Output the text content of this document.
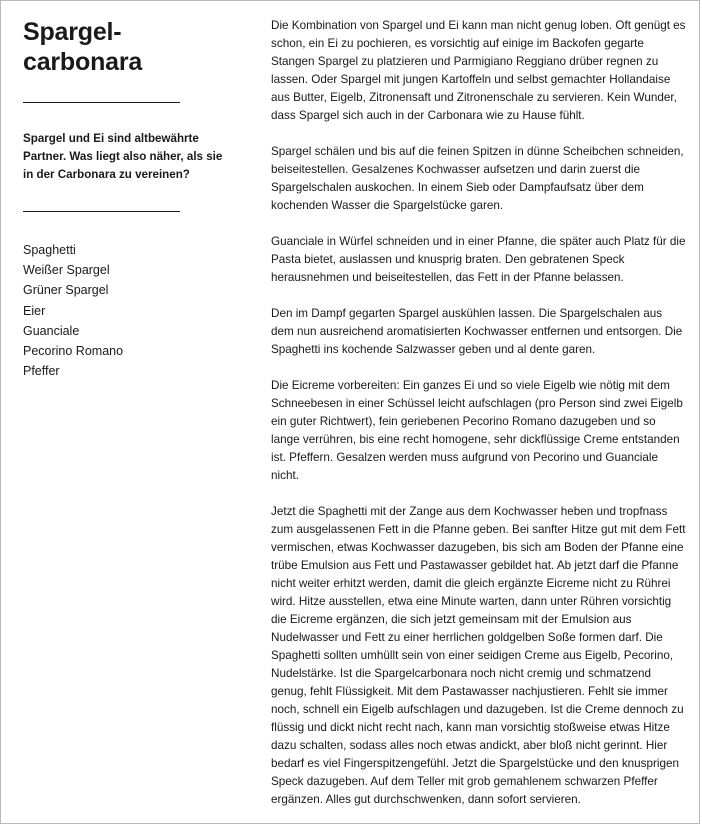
Spargel-
carbonara

Spargel und Ei sind altbewährte Partner. Was liegt also näher, als sie in der Carbonara zu vereinen?

Spaghetti
Weißer Spargel
Grüner Spargel
Eier
Guanciale
Pecorino Romano
Pfeffer

Die Kombination von Spargel und Ei kann man nicht genug loben. Oft genügt es schon, ein Ei zu pochieren, es vorsichtig auf einige im Backofen gegarte Stangen Spargel zu platzieren und Parmigiano Reggiano drüber regnen zu lassen. Oder Spargel mit jungen Kartoffeln und selbst gemachter Hollandaise aus Butter, Eigelb, Zitronensaft und Zitronenschale zu servieren. Kein Wunder, dass Spargel sich auch in der Carbonara wie zu Hause fühlt.

Spargel schälen und bis auf die feinen Spitzen in dünne Scheibchen schneiden, beiseitestellen. Gesalzenes Kochwasser aufsetzen und darin zuerst die Spargelschalen auskochen. In einem Sieb oder Dampfaufsatz über dem kochenden Wasser die Spargelstücke garen.

Guanciale in Würfel schneiden und in einer Pfanne, die später auch Platz für die Pasta bietet, auslassen und knusprig braten. Den gebratenen Speck herausnehmen und beiseitestellen, das Fett in der Pfanne belassen.

Den im Dampf gegarten Spargel auskühlen lassen. Die Spargelschalen aus dem nun ausreichend aromatisierten Kochwasser entfernen und entsorgen. Die Spaghetti ins kochende Salzwasser geben und al dente garen.

Die Eicreme vorbereiten: Ein ganzes Ei und so viele Eigelb wie nötig mit dem Schneebesen in einer Schüssel leicht aufschlagen (pro Person sind zwei Eigelb ein guter Richtwert), fein geriebenen Pecorino Romano dazugeben und so lange verrühren, bis eine recht homogene, sehr dickflüssige Creme entstanden ist. Pfeffern. Gesalzen werden muss aufgrund von Pecorino und Guanciale nicht.

Jetzt die Spaghetti mit der Zange aus dem Kochwasser heben und tropfnass zum ausgelassenen Fett in die Pfanne geben. Bei sanfter Hitze gut mit dem Fett vermischen, etwas Kochwasser dazugeben, bis sich am Boden der Pfanne eine trübe Emulsion aus Fett und Pastawasser gebildet hat. Ab jetzt darf die Pfanne nicht weiter erhitzt werden, damit die gleich ergänzte Eicreme nicht zu Rührei wird. Hitze ausstellen, etwa eine Minute warten, dann unter Rühren vorsichtig die Eicreme ergänzen, die sich jetzt gemeinsam mit der Emulsion aus Nudelwasser und Fett zu einer herrlichen goldgelben Soße formen darf. Die Spaghetti sollten umhüllt sein von einer seidigen Creme aus Eigelb, Pecorino, Nudelstärke. Ist die Spargelcarbonara noch nicht cremig und schmatzend genug, fehlt Flüssigkeit. Mit dem Pastawasser nachjustieren. Fehlt sie immer noch, schnell ein Eigelb aufschlagen und dazugeben. Ist die Creme dennoch zu flüssig und dickt nicht recht nach, kann man vorsichtig stoßweise etwas Hitze dazu schalten, sodass alles noch etwas andickt, aber bloß nicht gerinnt. Hier bedarf es viel Fingerspitzengefühl. Jetzt die Spargelstücke und den knusprigen Speck dazugeben. Auf dem Teller mit grob gemahlenem schwarzen Pfeffer ergänzen. Alles gut durchschwenken, dann sofort servieren.
